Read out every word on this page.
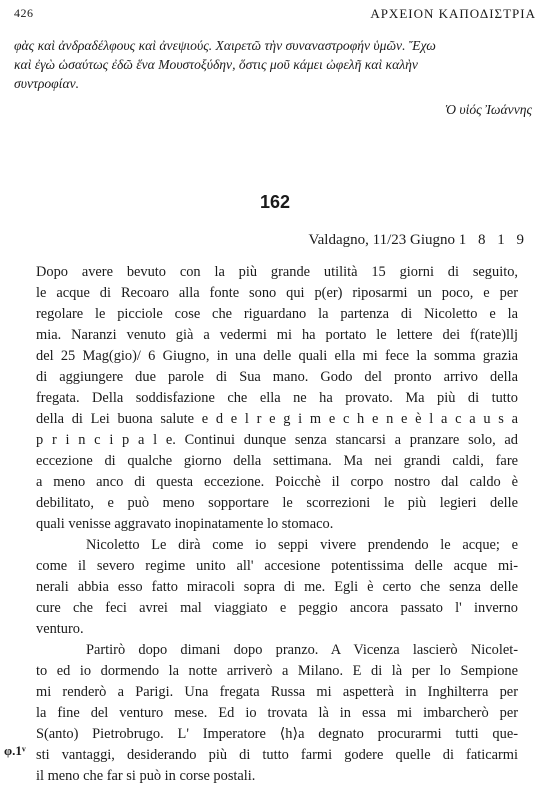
426	ΑΡΧΕΙΟΝ ΚΑΠΟΔΙΣΤΡΙΑ
φὰς καὶ ἀνδραδέλφους καὶ ἀνεψιούς. Χαιρετῶ τὴν συναναστροφήν ὑμῶν. Ἔχω
καὶ ἐγὼ ὡσαύτως ἐδῶ ἕνα Μουστοξύδην, ὅστις μοῦ κάμει ὠφελῆ καὶ καλὴν
συντροφίαν.
Ὁ υἱός Ἰωάννης
162
Valdagno, 11/23 Giugno 1 8 1 9
Dopo avere bevuto con la più grande utilità 15 giorni di seguito,
le acque di Recoaro alla fonte sono qui p(er) riposarmi un poco, e per
regolare le picciole cose che riguardano la partenza di Nicoletto e la
mia. Naranzi venuto già a vedermi mi ha portato le lettere dei f(rate)llj
del 25 Mag(gio)/ 6 Giugno, in una delle quali ella mi fece la somma grazia
di aggiungere due parole di Sua mano. Godo del pronto arrivo della
fregata. Della soddisfazione che ella ne ha provato. Ma più di tutto
della di Lei buona salute e d e l r e g i m e c h e n e è l a c a u s a
p r i n c i p a l e. Continui dunque senza stancarsi a pranzare solo, ad
eccezione di qualche giorno della settimana. Ma nei grandi caldi, fare
a meno anco di questa eccezione. Poicchè il corpo nostro dal caldo è
debilitato, e può meno sopportare le scorrezioni le più legieri delle
quali venisse aggravato inopinatamente lo stomaco.
Nicoletto Le dirà come io seppi vivere prendendo le acque; e
come il severo regime unito all' accesione potentissima delle acque mi-
nerali abbia esso fatto miracoli sopra di me. Egli è certo che senza delle
cure che feci avrei mal viaggiato e peggio ancora passato l' inverno
venturo.
Partirò dopo dimani dopo pranzo. A Vicenza lascierò Nicolet-
to ed io dormendo la notte arriverò a Milano. E di là per lo Sempione
mi renderò a Parigi. Una fregata Russa mi aspetterà in Inghilterra per
la fine del venturo mese. Ed io trovata là in essa mi imbarcherò per
S(anto) Pietrobrugo. L' Imperatore ⟨h⟩a degnato procurarmi tutti que-
sti vantaggi, desiderando più di tutto farmi godere quelle di faticarmi
il meno che far si può in corse postali.
φ.1ᵛ
